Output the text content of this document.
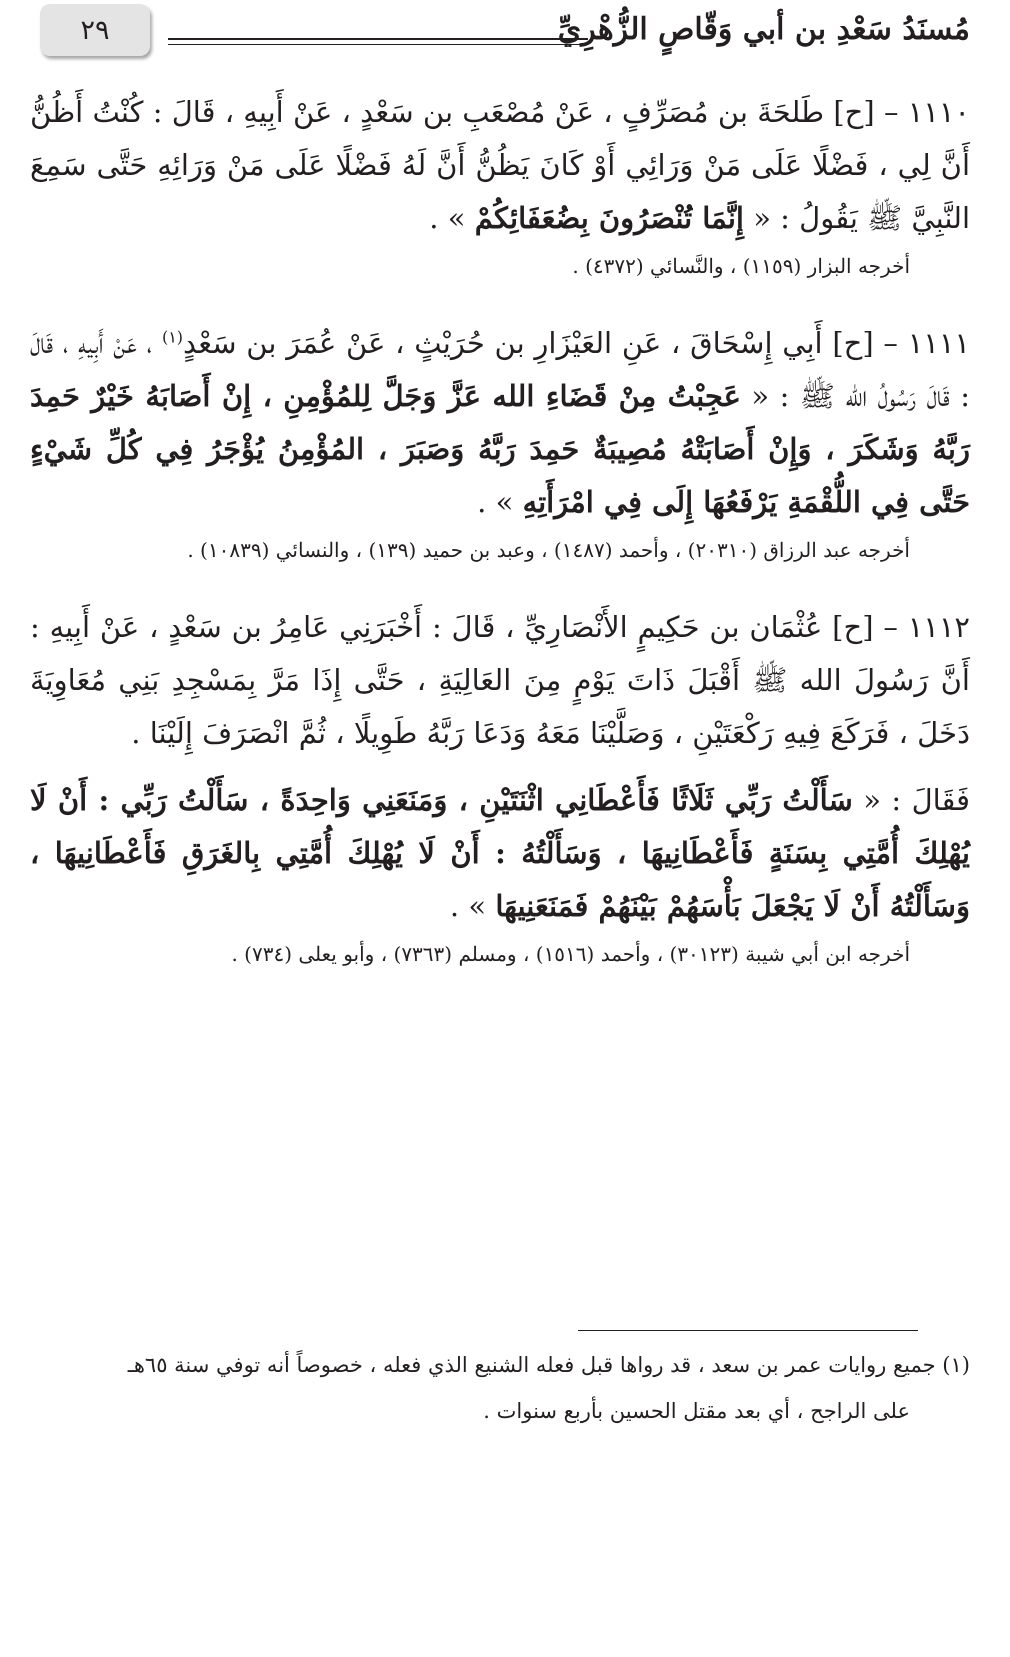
٢٩	مُسنَدُ سَعْدِ بن أبي وَقّاصٍ الزُّهْرِيِّ

١١١٠ – [ح] طَلحَةَ بن مُصَرِّفٍ ، عَنْ مُصْعَبِ بن سَعْدٍ ، عَنْ أَبِيهِ ، قَالَ : كُنْتُ أَظُنُّ أَنَّ لِي ، فَضْلًا عَلَى مَنْ وَرَائِي أَوْ كَانَ يَظُنُّ أَنَّ لَهُ فَضْلًا عَلَى مَنْ وَرَائِهِ حَتَّى سَمِعَ النَّبِيَّ ﷺ يَقُولُ : « إِنَّمَا تُنْصَرُونَ بِضُعَفَائِكُمْ » .

أخرجه البزار (١١٥٩) ، والنَّسائي (٤٣٧٢) .

١١١١ – [ح] أَبِي إِسْحَاقَ ، عَنِ العَيْزَارِ بن حُرَيْثٍ ، عَنْ عُمَرَ بن سَعْدٍ$^{(١)}$ ، عَنْ أَبِيهِ ، قَالَ : قَالَ رَسُولُ الله ﷺ : « عَجِبْتُ مِنْ قَضَاءِ الله عَزَّ وَجَلَّ لِلمُؤْمِنِ ، إِنْ أَصَابَهُ خَيْرٌ حَمِدَ رَبَّهُ وَشَكَرَ ، وَإِنْ أَصَابَتْهُ مُصِيبَةٌ حَمِدَ رَبَّهُ وَصَبَرَ ، المُؤْمِنُ يُؤْجَرُ فِي كُلِّ شَيْءٍ حَتَّى فِي اللُّقْمَةِ يَرْفَعُهَا إِلَى فِي امْرَأَتِهِ » .

أخرجه عبد الرزاق (٢٠٣١٠) ، وأحمد (١٤٨٧) ، وعبد بن حميد (١٣٩) ، والنسائي (١٠٨٣٩) .

١١١٢ – [ح] عُثْمَان بن حَكِيمٍ الأَنْصَارِيِّ ، قَالَ : أَخْبَرَنِي عَامِرُ بن سَعْدٍ ، عَنْ أَبِيهِ : أَنَّ رَسُولَ الله ﷺ أَقْبَلَ ذَاتَ يَوْمٍ مِنَ العَالِيَةِ ، حَتَّى إِذَا مَرَّ بِمَسْجِدِ بَنِي مُعَاوِيَةَ دَخَلَ ، فَرَكَعَ فِيهِ رَكْعَتَيْنِ ، وَصَلَّيْنَا مَعَهُ وَدَعَا رَبَّهُ طَوِيلًا ، ثُمَّ انْصَرَفَ إِلَيْنَا .

فَقَالَ : « سَأَلْتُ رَبِّي ثَلَاثًا فَأَعْطَانِي اثْنَتَيْنِ ، وَمَنَعَنِي وَاحِدَةً ، سَأَلْتُ رَبِّي : أَنْ لَا يُهْلِكَ أُمَّتِي بِسَنَةٍ فَأَعْطَانِيهَا ، وَسَأَلْتُهُ : أَنْ لَا يُهْلِكَ أُمَّتِي بِالغَرَقِ فَأَعْطَانِيهَا ، وَسَأَلْتُهُ أَنْ لَا يَجْعَلَ بَأْسَهُمْ بَيْنَهُمْ فَمَنَعَنِيهَا » .

أخرجه ابن أبي شيبة (٣٠١٢٣) ، وأحمد (١٥١٦) ، ومسلم (٧٣٦٣) ، وأبو يعلى (٧٣٤) .

(١) جميع روايات عمر بن سعد ، قد رواها قبل فعله الشنيع الذي فعله ، خصوصاً أنه توفي سنة ٦٥هـ

على الراجح ، أي بعد مقتل الحسين بأربع سنوات .
